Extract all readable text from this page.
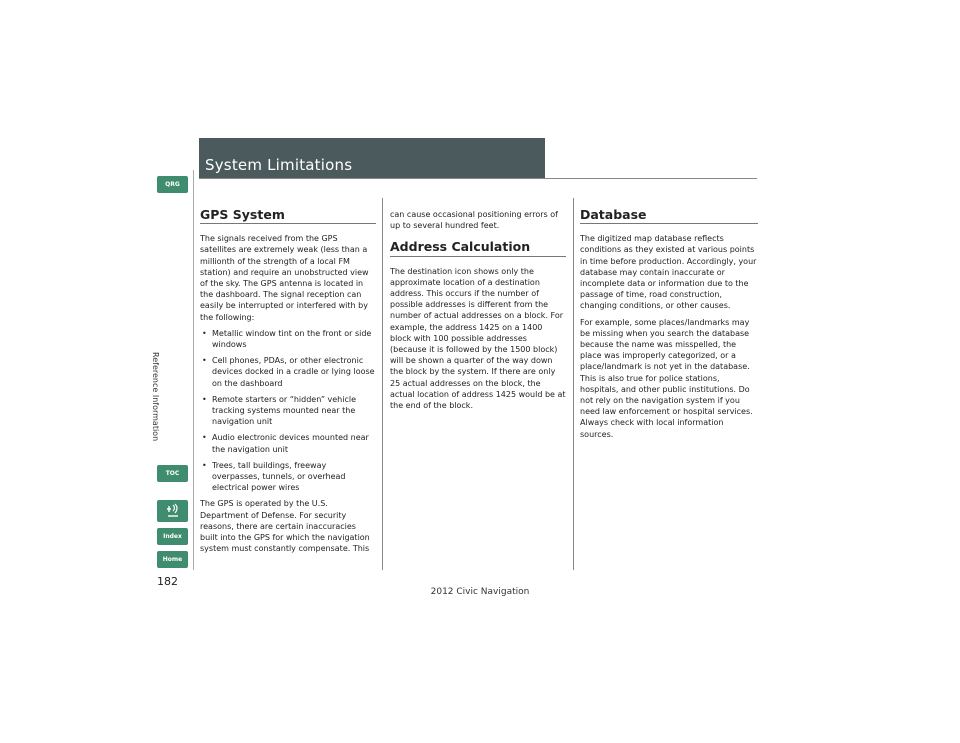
System Limitations
QRG
Reference Information
TOC
Index
Home
182
GPS System

The signals received from the GPS satellites are extremely weak (less than a millionth of the strength of a local FM station) and require an unobstructed view of the sky. The GPS antenna is located in the dashboard. The signal reception can easily be interrupted or interfered with by the following:

• Metallic window tint on the front or side windows
• Cell phones, PDAs, or other electronic devices docked in a cradle or lying loose on the dashboard
• Remote starters or “hidden” vehicle tracking systems mounted near the navigation unit
• Audio electronic devices mounted near the navigation unit
• Trees, tall buildings, freeway overpasses, tunnels, or overhead electrical power wires

The GPS is operated by the U.S. Department of Defense. For security reasons, there are certain inaccuracies built into the GPS for which the navigation system must constantly compensate. This

can cause occasional positioning errors of up to several hundred feet.

Address Calculation

The destination icon shows only the approximate location of a destination address. This occurs if the number of possible addresses is different from the number of actual addresses on a block. For example, the address 1425 on a 1400 block with 100 possible addresses (because it is followed by the 1500 block) will be shown a quarter of the way down the block by the system. If there are only 25 actual addresses on the block, the actual location of address 1425 would be at the end of the block.

Database

The digitized map database reflects conditions as they existed at various points in time before production. Accordingly, your database may contain inaccurate or incomplete data or information due to the passage of time, road construction, changing conditions, or other causes.

For example, some places/landmarks may be missing when you search the database because the name was misspelled, the place was improperly categorized, or a place/landmark is not yet in the database. This is also true for police stations, hospitals, and other public institutions. Do not rely on the navigation system if you need law enforcement or hospital services. Always check with local information sources.

2012 Civic Navigation
